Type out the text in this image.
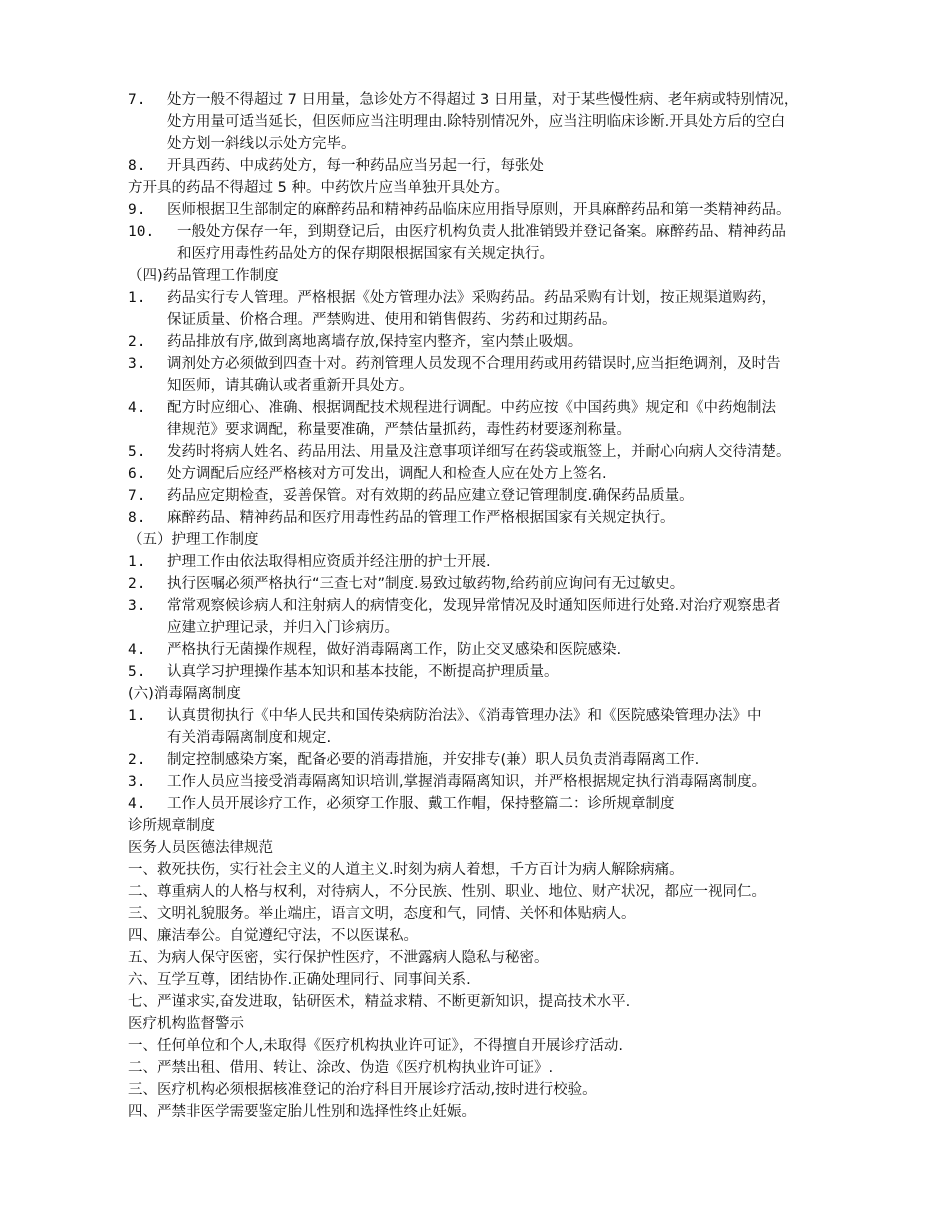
7. 处方一般不得超过 7 日用量，急诊处方不得超过 3 日用量，对于某些慢性病、老年病或特别情况，
处方用量可适当延长，但医师应当注明理由.除特别情况外，应当注明临床诊断.开具处方后的空白
处方划一斜线以示处方完毕。
8. 开具西药、中成药处方，每一种药品应当另起一行，每张处
方开具的药品不得超过 5 种。中药饮片应当单独开具处方。
9. 医师根据卫生部制定的麻醉药品和精神药品临床应用指导原则，开具麻醉药品和第一类精神药品。
10. 一般处方保存一年，到期登记后，由医疗机构负责人批准销毁并登记备案。麻醉药品、精神药品
和医疗用毒性药品处方的保存期限根据国家有关规定执行。
（四)药品管理工作制度
1. 药品实行专人管理。严格根据《处方管理办法》采购药品。药品采购有计划，按正规渠道购药，
保证质量、价格合理。严禁购进、使用和销售假药、劣药和过期药品。
2. 药品排放有序,做到离地离墙存放,保持室内整齐，室内禁止吸烟。
3. 调剂处方必须做到四查十对。药剂管理人员发现不合理用药或用药错误时,应当拒绝调剂，及时告
知医师，请其确认或者重新开具处方。
4. 配方时应细心、准确、根据调配技术规程进行调配。中药应按《中国药典》规定和《中药炮制法
律规范》要求调配，称量要准确，严禁估量抓药，毒性药材要逐剂称量。
5. 发药时将病人姓名、药品用法、用量及注意事项详细写在药袋或瓶签上，并耐心向病人交待清楚。
6. 处方调配后应经严格核对方可发出，调配人和检查人应在处方上签名.
7. 药品应定期检查，妥善保管。对有效期的药品应建立登记管理制度.确保药品质量。
8. 麻醉药品、精神药品和医疗用毒性药品的管理工作严格根据国家有关规定执行。
（五）护理工作制度
1. 护理工作由依法取得相应资质并经注册的护士开展.
2. 执行医嘱必须严格执行“三查七对”制度.易致过敏药物,给药前应询问有无过敏史。
3. 常常观察候诊病人和注射病人的病情变化，发现异常情况及时通知医师进行处臵.对治疗观察患者
应建立护理记录，并归入门诊病历。
4. 严格执行无菌操作规程，做好消毒隔离工作，防止交叉感染和医院感染.
5. 认真学习护理操作基本知识和基本技能，不断提高护理质量。
(六)消毒隔离制度
1. 认真贯彻执行《中华人民共和国传染病防治法》、《消毒管理办法》和《医院感染管理办法》中
有关消毒隔离制度和规定.
2. 制定控制感染方案，配备必要的消毒措施，并安排专(兼）职人员负责消毒隔离工作.
3. 工作人员应当接受消毒隔离知识培训,掌握消毒隔离知识，并严格根据规定执行消毒隔离制度。
4. 工作人员开展诊疗工作，必须穿工作服、戴工作帽，保持整篇二：诊所规章制度
诊所规章制度
医务人员医德法律规范
一、救死扶伤，实行社会主义的人道主义.时刻为病人着想，千方百计为病人解除病痛。
二、尊重病人的人格与权利，对待病人，不分民族、性别、职业、地位、财产状况，都应一视同仁。
三、文明礼貌服务。举止端庄，语言文明，态度和气，同情、关怀和体贴病人。
四、廉洁奉公。自觉遵纪守法，不以医谋私。
五、为病人保守医密，实行保护性医疗，不泄露病人隐私与秘密。
六、互学互尊，团结协作.正确处理同行、同事间关系.
七、严谨求实,奋发进取，钻研医术，精益求精、不断更新知识，提高技术水平.
医疗机构监督警示
一、任何单位和个人,未取得《医疗机构执业许可证》，不得擅自开展诊疗活动.
二、严禁出租、借用、转让、涂改、伪造《医疗机构执业许可证》.
三、医疗机构必须根据核准登记的治疗科目开展诊疗活动,按时进行校验。
四、严禁非医学需要鉴定胎儿性别和选择性终止妊娠。
